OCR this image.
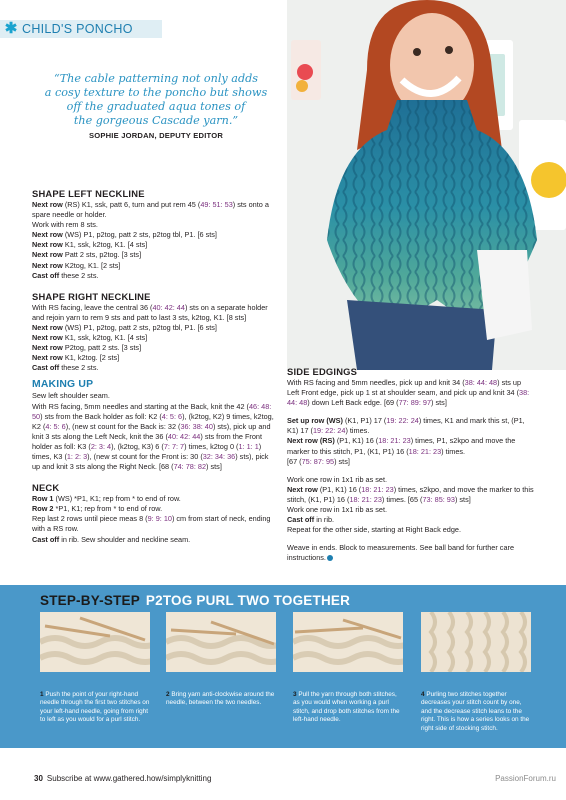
✱ CHILD'S PONCHO
“The cable patterning not only adds
a cosy texture to the poncho but shows
off the graduated aqua tones of
the gorgeous Cascade yarn.”
SOPHIE JORDAN, DEPUTY EDITOR
SHAPE LEFT NECKLINE

Next row (RS) K1, ssk, patt 6, turn and put rem 45 (49: 51: 53) sts onto a spare needle or holder.

Work with rem 8 sts.

Next row (WS) P1, p2tog, patt 2 sts, p2tog tbl, P1. [6 sts]

Next row K1, ssk, k2tog, K1. [4 sts]

Next row Patt 2 sts, p2tog. [3 sts]

Next row K2tog, K1. [2 sts]

Cast off these 2 sts.

SHAPE RIGHT NECKLINE

With RS facing, leave the central 36 (40: 42: 44) sts on a separate holder and rejoin yarn to rem 9 sts and patt to last 3 sts, k2tog, K1. [8 sts]

Next row (WS) P1, p2tog, patt 2 sts, p2tog tbl, P1. [6 sts]

Next row K1, ssk, k2tog, K1. [4 sts]

Next row P2tog, patt 2 sts. [3 sts]

Next row K1, k2tog. [2 sts]

Cast off these 2 sts.

MAKING UP

Sew left shoulder seam.

With RS facing, 5mm needles and starting at the Back, knit the 42 (46: 48: 50) sts from the Back holder as foll: K2 (4: 5: 6), (k2tog, K2) 9 times, k2tog, K2 (4: 5: 6), (new st count for the Back is: 32 (36: 38: 40) sts), pick up and knit 3 sts along the Left Neck, knit the 36 (40: 42: 44) sts from the Front holder as foll: K3 (2: 3: 4), (k2tog, K3) 6 (7: 7: 7) times, k2tog 0 (1: 1: 1) times, K3 (1: 2: 3), (new st count for the Front is: 30 (32: 34: 36) sts), pick up and knit 3 sts along the Right Neck. [68 (74: 78: 82) sts]

NECK

Row 1 (WS) *P1, K1; rep from * to end of row.

Row 2 *P1, K1; rep from * to end of row.

Rep last 2 rows until piece meas 8 (9: 9: 10) cm from start of neck, ending with a RS row.

Cast off in rib. Sew shoulder and neckline seam.

SIDE EDGINGS

With RS facing and 5mm needles, pick up and knit 34 (38: 44: 48) sts up Left Front edge, pick up 1 st at shoulder seam, and pick up and knit 34 (38: 44: 48) down Left Back edge. [69 (77: 89: 97) sts]

Set up row (WS) (K1, P1) 17 (19: 22: 24) times, K1 and mark this st, (P1, K1) 17 (19: 22: 24) times.

Next row (RS) (P1, K1) 16 (18: 21: 23) times, P1, s2kpo and move the marker to this stitch, P1, (K1, P1) 16 (18: 21: 23) times.
[67 (75: 87: 95) sts]

Work one row in 1x1 rib as set.

Next row (P1, K1) 16 (18: 21: 23) times, s2kpo, and move the marker to this stitch, (K1, P1) 16 (18: 21: 23) times. [65 (73: 85: 93) sts]

Work one row in 1x1 rib as set.

Cast off in rib.

Repeat for the other side, starting at Right Back edge.

Weave in ends. Block to measurements. See ball band for further care instructions.

STEP-BY-STEP P2TOG PURL TWO TOGETHER
1 Push the point of your right-hand needle through the first two stitches on your left-hand needle, going from right to left as you would for a purl stitch.
2 Bring yarn anti-clockwise around the needle, between the two needles.
3 Pull the yarn through both stitches, as you would when working a purl stitch, and drop both stitches from the left-hand needle.
4 Purling two stitches together decreases your stitch count by one, and the decrease stitch leans to the right. This is how a series looks on the right side of stocking stitch.
30 Subscribe at www.gathered.how/simplyknitting	PassionForum.ru
